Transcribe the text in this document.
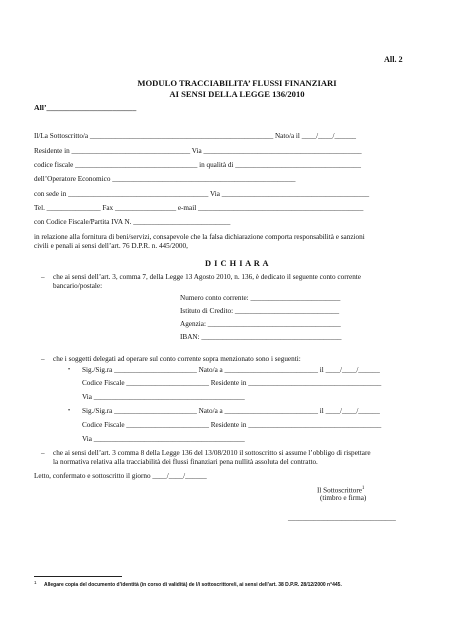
All. 2
MODULO TRACCIABILITA’ FLUSSI FINANZIARI
AI SENSI DELLA LEGGE 136/2010
All’_______________________
Il/La Sottoscritto/a ___________________________________________________ Nato/a il ____/____/______
Residente in _________________________________ Via ____________________________________________
codice fiscale __________________________________ in qualità di ___________________________________
dell’Operatore Economico ___________________________________________________
con sede in _______________________________________ Via _________________________________________
Tel. _______________ Fax _________________ e-mail ______________________________________________
con Codice Fiscale/Partita IVA N. ___________________________
in relazione alla fornitura di beni/servizi, consapevole che la falsa dichiarazione comporta responsabilità e sanzioni
civili e penali ai sensi dell’art. 76 D.P.R. n. 445/2000,
D I C H I A R A
– che ai sensi dell’art. 3, comma 7, della Legge 13 Agosto 2010, n. 136, è dedicato il seguente conto corrente
bancario/postale:
Numero conto corrente: _________________________
Istituto di Credito: _____________________________
Agenzia: _____________________________________
IBAN: _______________________________________
– che i soggetti delegati ad operare sul conto corrente sopra menzionato sono i seguenti:
• Sig./Sig.ra _______________________ Nato/a a __________________________ il ____/____/______
Codice Fiscale _______________________ Residente in _____________________________________
Via __________________________________________
• Sig./Sig.ra _______________________ Nato/a a __________________________ il ____/____/______
Codice Fiscale _______________________ Residente in _____________________________________
Via __________________________________________
– che ai sensi dell’art. 3 comma 8 della Legge 136 del 13/08/2010 il sottoscritto si assume l’obbligo di rispettare
la normativa relativa alla tracciabilità dei flussi finanziari pena nullità assoluta del contratto.
Letto, confermato e sottoscritto il giorno ____/____/______
Il Sottoscrittore$^1$
(timbro e firma)
______________________________
1 Allegare copia del documento d’identità (in corso di validità) de l/i sottoscrittore/i, ai sensi dell’art. 38 D.P.R. 28/12/2000 n°445.
